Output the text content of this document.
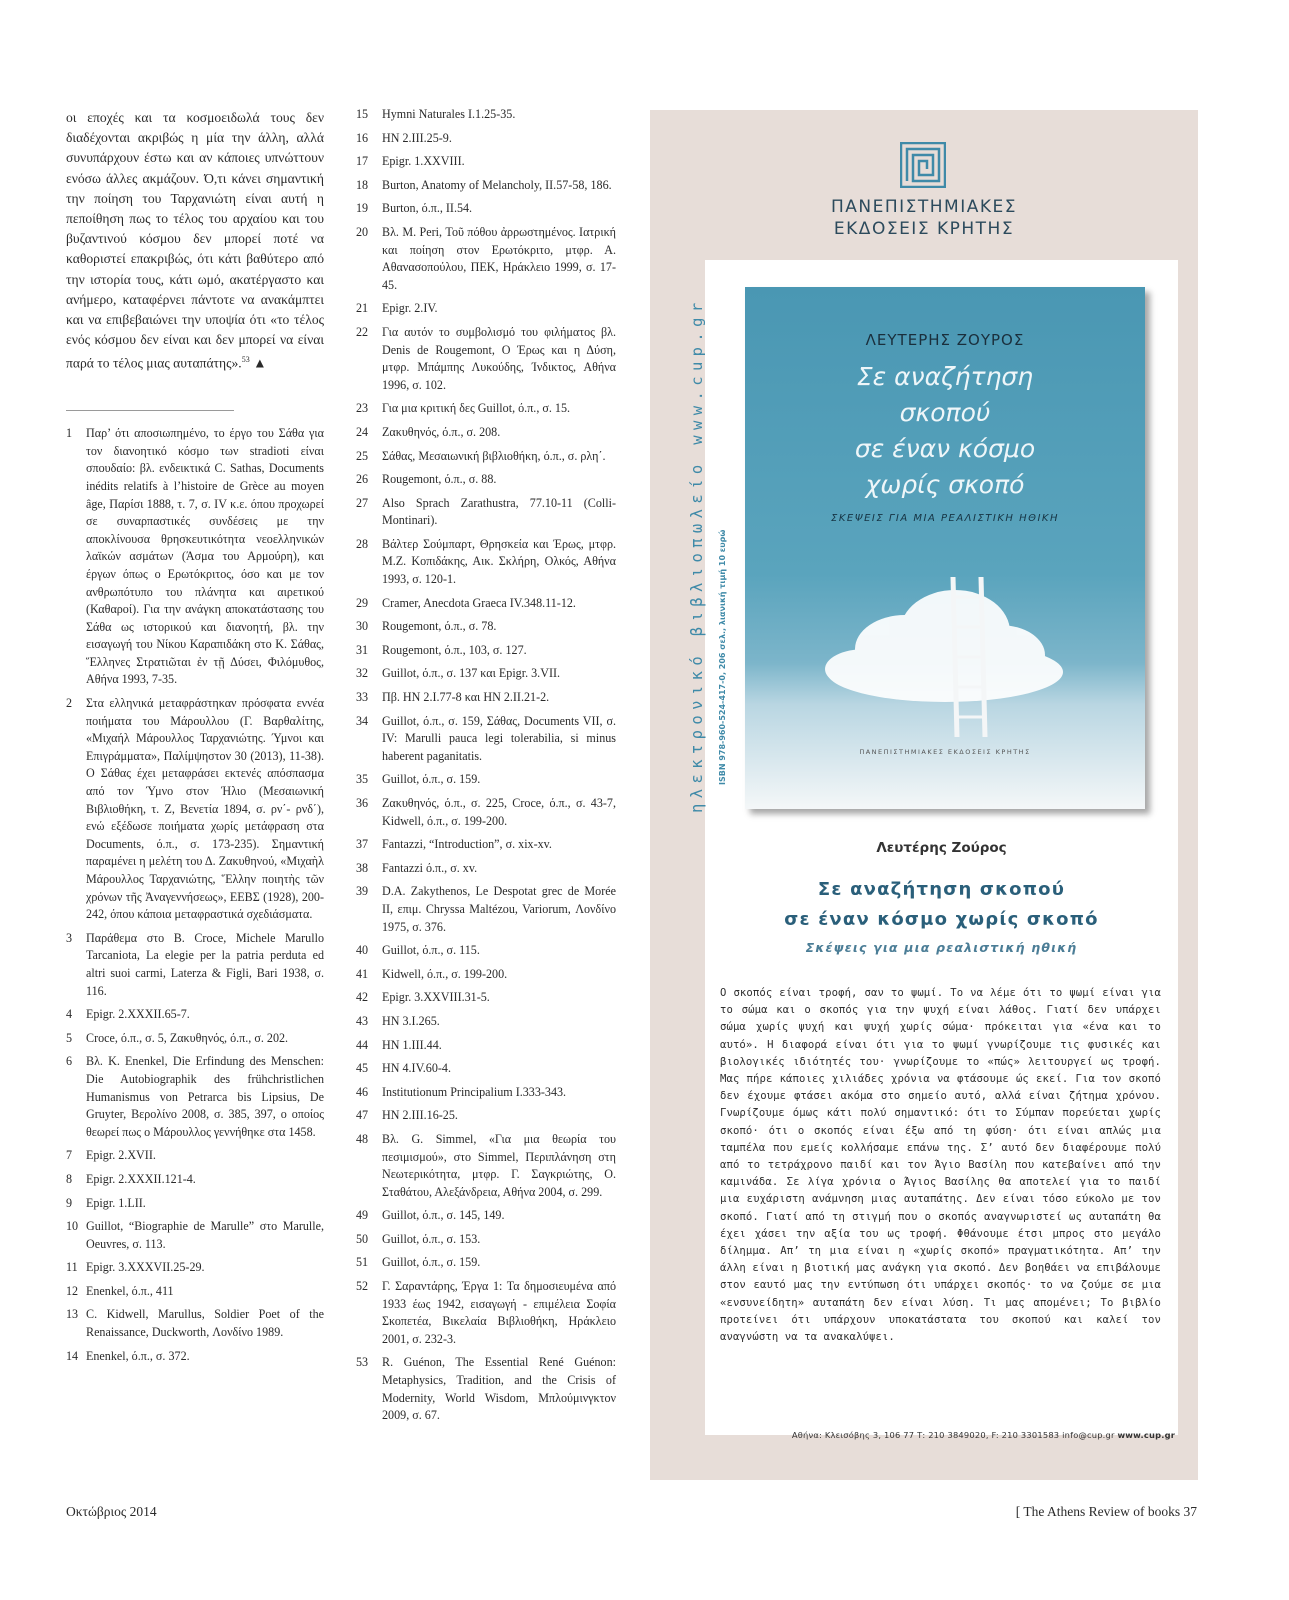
οι εποχές και τα κοσμοειδωλά τους δεν διαδέχονται ακριβώς η μία την άλλη, αλλά συνυπάρχουν έστω και αν κάποιες υπνώττουν ενόσω άλλες ακμάζουν. Ό,τι κάνει σημαντική την ποίηση του Ταρχανιώτη είναι αυτή η πεποίθηση πως το τέλος του αρχαίου και του βυζαντινού κόσμου δεν μπορεί ποτέ να καθοριστεί επακριβώς, ότι κάτι βαθύτερο από την ιστορία τους, κάτι ωμό, ακατέργαστο και ανήμερο, καταφέρνει πάντοτε να ανακάμπτει και να επιβεβαιώνει την υποψία ότι «το τέλος ενός κόσμου δεν είναι και δεν μπορεί να είναι παρά το τέλος μιας αυταπάτης».$^{53}$ ▲

1	Παρ’ ότι αποσιωπημένο, το έργο του Σάθα για τον διανοητικό κόσμο των stradioti είναι σπουδαίο: βλ. ενδεικτικά C. Sathas, Documents inédits relatifs à l’histoire de Grèce au moyen âge, Παρίσι 1888, τ. 7, σ. IV κ.ε. όπου προχωρεί σε συναρπαστικές συνδέσεις με την αποκλίνουσα θρησκευτικότητα νεοελληνικών λαϊκών ασμάτων (Άσμα του Αρμούρη), και έργων όπως ο Ερωτόκριτος, όσο και με τον ανθρωπότυπο του πλάνητα και αιρετικού (Καθαροί). Για την ανάγκη αποκατάστασης του Σάθα ως ιστορικού και διανοητή, βλ. την εισαγωγή του Νίκου Καραπιδάκη στο Κ. Σάθας, Ἕλληνες Στρατιῶται ἐν τῇ Δύσει, Φιλόμυθος, Αθήνα 1993, 7-35.
2	Στα ελληνικά μεταφράστηκαν πρόσφατα εννέα ποιήματα του Μάρουλλου (Γ. Βαρθαλίτης, «Μιχαήλ Μάρουλλος Ταρχανιώτης. Ύμνοι και Επιγράμματα», Παλίμψηστον 30 (2013), 11-38). Ο Σάθας έχει μεταφράσει εκτενές απόσπασμα από τον Ύμνο στον Ήλιο (Μεσαιωνική Βιβλιοθήκη, τ. Ζ, Βενετία 1894, σ. ρν΄- ρνδ΄), ενώ εξέδωσε ποιήματα χωρίς μετάφραση στα Documents, ό.π., σ. 173-235). Σημαντική παραμένει η μελέτη του Δ. Ζακυθηνού, «Μιχαὴλ Μάρουλλος Ταρχανιώτης, Ἕλλην ποιητὴς τῶν χρόνων τῆς Ἀναγεννήσεως», ΕΕΒΣ (1928), 200-242, όπου κάποια μεταφραστικά σχεδιάσματα.
3	Παράθεμα στο B. Croce, Michele Marullo Tarcaniota, La elegie per la patria perduta ed altri suoi carmi, Laterza & Figli, Bari 1938, σ. 116.
4	Epigr. 2.XXXII.65-7.
5	Croce, ό.π., σ. 5, Ζακυθηνός, ό.π., σ. 202.
6	Βλ. K. Enenkel, Die Erfindung des Menschen: Die Autobiographik des frühchristlichen Humanismus von Petrarca bis Lipsius, De Gruyter, Βερολίνο 2008, σ. 385, 397, ο οποίος θεωρεί πως ο Μάρουλλος γεννήθηκε στα 1458.
7	Epigr. 2.XVII.
8	Epigr. 2.XXXII.121-4.
9	Epigr. 1.LII.
10 Guillot, “Biographie de Marulle” στο Marulle, Oeuvres, σ. 113.
11 Epigr. 3.XXXVII.25-29.
12 Enenkel, ό.π., 411
13 C. Kidwell, Marullus, Soldier Poet of the Renaissance, Duckworth, Λονδίνο 1989.
14 Enenkel, ό.π., σ. 372.
15	Hymni Naturales I.1.25-35.
16	HN 2.III.25-9.
17	Epigr. 1.XXVIII.
18	Burton, Anatomy of Melancholy, II.57-58, 186.
19	Burton, ό.π., II.54.
20	Βλ. Μ. Peri, Τοῦ πόθου ἀρρωστημένος. Ιατρική και ποίηση στον Ερωτόκριτο, μτφρ. Α. Αθανασοπούλου, ΠΕΚ, Ηράκλειο 1999, σ. 17-45.
21	Epigr. 2.IV.
22	Για αυτόν το συμβολισμό του φιλήματος βλ. Denis de Rougemont, Ο Έρως και η Δύση, μτφρ. Μπάμπης Λυκούδης, Ίνδικτος, Αθήνα 1996, σ. 102.
23	Για μια κριτική δες Guillot, ό.π., σ. 15.
24	Ζακυθηνός, ό.π., σ. 208.
25	Σάθας, Μεσαιωνική βιβλιοθήκη, ό.π., σ. ρλη΄.
26	Rougemont, ό.π., σ. 88.
27	Also Sprach Zarathustra, 77.10-11 (Colli-Montinari).
28	Βάλτερ Σούμπαρτ, Θρησκεία και Έρως, μτφρ. Μ.Ζ. Κοπιδάκης, Αικ. Σκλήρη, Ολκός, Αθήνα 1993, σ. 120-1.
29	Cramer, Anecdota Graeca IV.348.11-12.
30	Rougemont, ό.π., σ. 78.
31	Rougemont, ό.π., 103, σ. 127.
32	Guillot, ό.π., σ. 137 και Epigr. 3.VII.
33	Πβ. HN 2.I.77-8 και HN 2.II.21-2.
34	Guillot, ό.π., σ. 159, Σάθας, Documents VII, σ. IV: Marulli pauca legi tolerabilia, si minus haberent paganitatis.
35	Guillot, ό.π., σ. 159.
36	Ζακυθηνός, ό.π., σ. 225, Croce, ό.π., σ. 43-7, Kidwell, ό.π., σ. 199-200.
37	Fantazzi, “Introduction”, σ. xix-xv.
38	Fantazzi ό.π., σ. xv.
39	D.A. Zakythenos, Le Despotat grec de Morée II, επιμ. Chryssa Maltézou, Variorum, Λονδίνο 1975, σ. 376.
40	Guillot, ό.π., σ. 115.
41	Kidwell, ό.π., σ. 199-200.
42	Epigr. 3.XXVIII.31-5.
43	HN 3.I.265.
44	HN 1.III.44.
45	HN 4.IV.60-4.
46	Institutionum Principalium I.333-343.
47	HN 2.III.16-25.
48	Βλ. G. Simmel, «Για μια θεωρία του πεσιμισμού», στο Simmel, Περιπλάνηση στη Νεωτερικότητα, μτφρ. Γ. Σαγκριώτης, Ο. Σταθάτου, Αλεξάνδρεια, Αθήνα 2004, σ. 299.
49	Guillot, ό.π., σ. 145, 149.
50	Guillot, ό.π., σ. 153.
51	Guillot, ό.π., σ. 159.
52	Γ. Σαραντάρης, Έργα 1: Τα δημοσιευμένα από 1933 έως 1942, εισαγωγή - επιμέλεια Σοφία Σκοπετέα, Βικελαία Βιβλιοθήκη, Ηράκλειο 2001, σ. 232-3.
53	R. Guénon, The Essential René Guénon: Metaphysics, Tradition, and the Crisis of Modernity, World Wisdom, Μπλούμινγκτον 2009, σ. 67.
ΠΑΝΕΠΙΣΤΗΜΙΑΚΕΣ
ΕΚΔΟΣΕΙΣ ΚΡΗΤΗΣ
ηλεκτρονικό βιβλιοπωλείο www.cup.gr	ΛΕΥΤΕΡΗΣ ΖΟΥΡΟΣ
Σε αναζήτηση
σκοπού
σε έναν κόσμο
χωρίς σκοπό
ΣΚΕΨΕΙΣ ΓΙΑ ΜΙΑ ΡΕΑΛΙΣΤΙΚΗ ΗΘΙΚΗ
ΠΑΝΕΠΙΣΤΗΜΙΑΚΕΣ ΕΚΔΟΣΕΙΣ ΚΡΗΤΗΣ
ISBN 978-960-524-417-0, 206 σελ., λιανική τιμή 10 ευρώ
Λευτέρης Ζούρος
Σε αναζήτηση σκοπού
σε έναν κόσμο χωρίς σκοπό
Σκέψεις για μια ρεαλιστική ηθική

Ο σκοπός είναι τροφή, σαν το ψωμί. Το να λέμε ότι το ψωμί είναι για το σώμα και ο σκοπός για την ψυχή είναι λάθος. Γιατί δεν υπάρχει σώμα χωρίς ψυχή και ψυχή χωρίς σώμα· πρόκειται για «ένα και το αυτό». Η διαφορά είναι ότι για το ψωμί γνωρίζουμε τις φυσικές και βιολογικές ιδιότητές του· γνωρίζουμε το «πώς» λειτουργεί ως τροφή. Μας πήρε κάποιες χιλιάδες χρόνια να φτάσουμε ώς εκεί. Για τον σκοπό δεν έχουμε φτάσει ακόμα στο σημείο αυτό, αλλά είναι ζήτημα χρόνου. Γνωρίζουμε όμως κάτι πολύ σημαντικό: ότι το Σύμπαν πορεύεται χωρίς σκοπό· ότι ο σκοπός είναι έξω από τη φύση· ότι είναι απλώς μια ταμπέλα που εμείς κολλήσαμε επάνω της. Σ’ αυτό δεν διαφέρουμε πολύ από το τετράχρονο παιδί και τον Άγιο Βασίλη που κατεβαίνει από την καμινάδα. Σε λίγα χρόνια ο Άγιος Βασίλης θα αποτελεί για το παιδί μια ευχάριστη ανάμνηση μιας αυταπάτης. Δεν είναι τόσο εύκολο με τον σκοπό. Γιατί από τη στιγμή που ο σκοπός αναγνωριστεί ως αυταπάτη θα έχει χάσει την αξία του ως τροφή. Φθάνουμε έτσι μπρος στο μεγάλο δίλημμα. Απ’ τη μια είναι η «χωρίς σκοπό» πραγματικότητα. Απ’ την άλλη είναι η βιοτική μας ανάγκη για σκοπό. Δεν βοηθάει να επιβάλουμε στον εαυτό μας την εντύπωση ότι υπάρχει σκοπός· το να ζούμε σε μια «ενσυνείδητη» αυταπάτη δεν είναι λύση. Τι μας απομένει; Το βιβλίο προτείνει ότι υπάρχουν υποκατάστατα του σκοπού και καλεί τον αναγνώστη να τα ανακαλύψει.

Αθήνα: Κλεισόβης 3, 106 77 Τ: 210 3849020, F: 210 3301583 info@cup.gr www.cup.gr
Οκτώβριος 2014	[ The Athens Review of books 37
